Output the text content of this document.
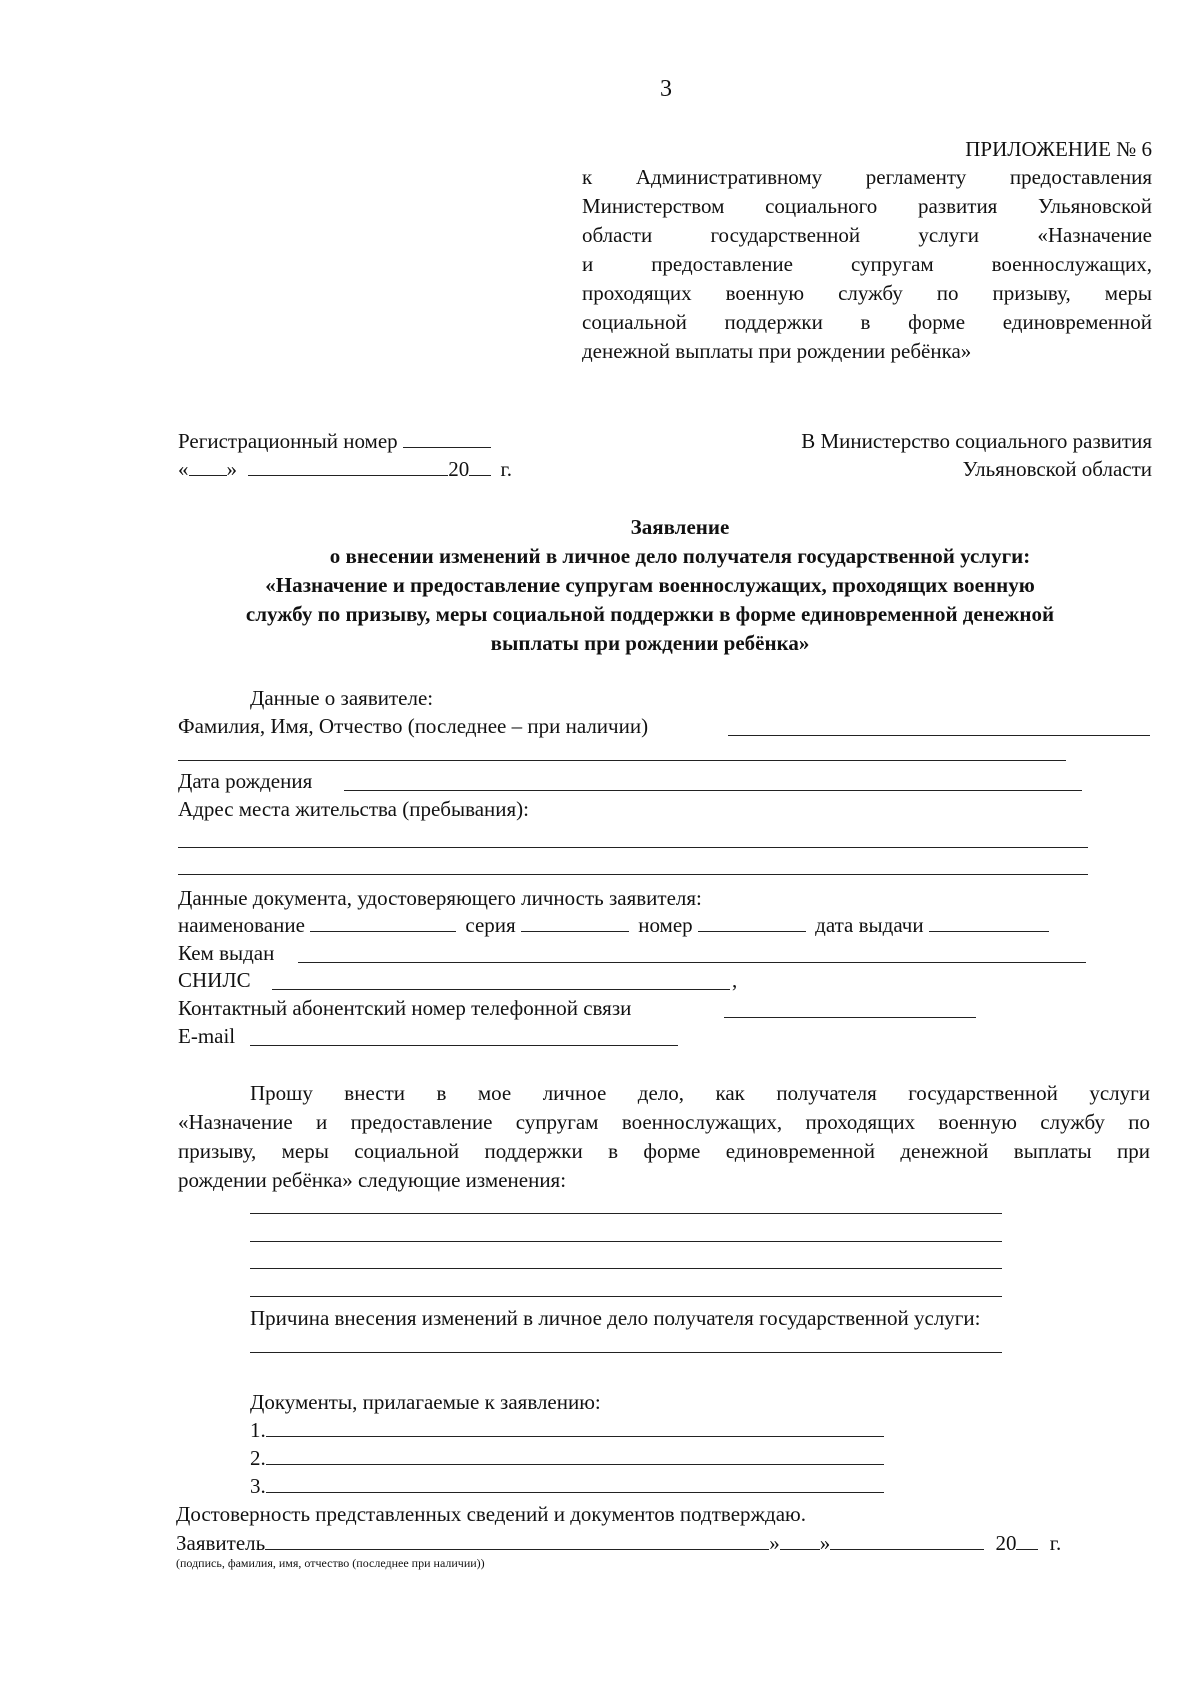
3
ПРИЛОЖЕНИЕ № 6
к Административному регламенту предоставления
Министерством социального развития Ульяновской
области государственной услуги «Назначение
и предоставление супругам военнослужащих,
проходящих военную службу по призыву, меры
социальной поддержки в форме единовременной
денежной выплаты при рождении ребёнка»
Регистрационный номер
« »	20 г.
В Министерство социального развития
Ульяновской области
Заявление
о внесении изменений в личное дело получателя государственной услуги:
«Назначение и предоставление супругам военнослужащих, проходящих военную
службу по призыву, меры социальной поддержки в форме единовременной денежной
выплаты при рождении ребёнка»
Данные о заявителе:
Фамилия, Имя, Отчество (последнее – при наличии)
Дата рождения
Адрес места жительства (пребывания):
Данные документа, удостоверяющего личность заявителя:
наименование	серия	номер	дата выдачи
Кем выдан
СНИЛС	,
Контактный абонентский номер телефонной связи
E-mail
Прошу внести в мое личное дело, как получателя государственной услуги
«Назначение и предоставление супругам военнослужащих, проходящих военную службу по
призыву, меры социальной поддержки в форме единовременной денежной выплаты при
рождении ребёнка» следующие изменения:
Причина внесения изменений в личное дело получателя государственной услуги:
Документы, прилагаемые к заявлению:
1.
2.
3.
Достоверность представленных сведений и документов подтверждаю.
Заявитель	» »	20 г.
(подпись, фамилия, имя, отчество (последнее при наличии))
